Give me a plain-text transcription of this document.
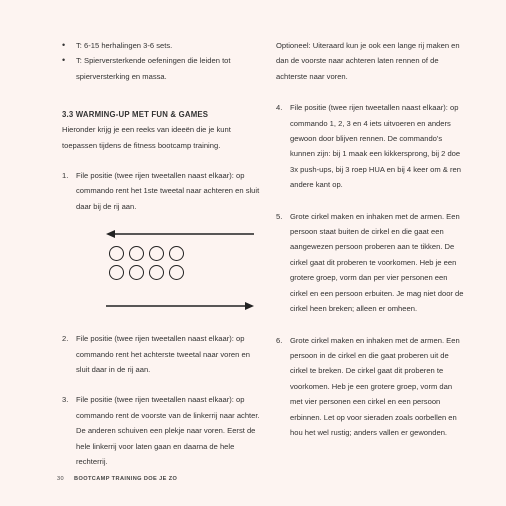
• T: 6-15 herhalingen 3-6 sets.
• T: Spierversterkende oefeningen die leiden tot spierversterking en massa.
3.3 WARMING-UP MET FUN & GAMES

Hieronder krijg je een reeks van ideeën die je kunt toepassen tijdens de fitness bootcamp training.

1. File positie (twee rijen tweetallen naast elkaar): op commando rent het 1ste tweetal naar achteren en sluit daar bij de rij aan.
2. File positie (twee rijen tweetallen naast elkaar): op commando rent het achterste tweetal naar voren en sluit daar in de rij aan.
3. File positie (twee rijen tweetallen naast elkaar): op commando rent de voorste van de linkerrij naar achter. De anderen schuiven een plekje naar voren. Eerst de hele linkerrij voor laten gaan en daarna de hele rechterrij.

Optioneel: Uiteraard kun je ook een lange rij maken en dan de voorste naar achteren laten rennen of de achterste naar voren.

4. File positie (twee rijen tweetallen naast elkaar): op commando 1, 2, 3 en 4 iets uitvoeren en anders gewoon door blijven rennen. De commando's kunnen zijn: bij 1 maak een kikkersprong, bij 2 doe 3x push-ups, bij 3 roep HUA en bij 4 keer om & ren andere kant op.
5. Grote cirkel maken en inhaken met de armen. Een persoon staat buiten de cirkel en die gaat een aangewezen persoon proberen aan te tikken. De cirkel gaat dit proberen te voorkomen. Heb je een grotere groep, vorm dan per vier personen een cirkel en een persoon erbuiten. Je mag niet door de cirkel heen breken; alleen er omheen.
6. Grote cirkel maken en inhaken met de armen. Een persoon in de cirkel en die gaat proberen uit de cirkel te breken. De cirkel gaat dit proberen te voorkomen. Heb je een grotere groep, vorm dan met vier personen een cirkel en een persoon erbinnen. Let op voor sieraden zoals oorbellen en hou het wel rustig; anders vallen er gewonden.
30 BOOTCAMP TRAINING DOE JE ZO
